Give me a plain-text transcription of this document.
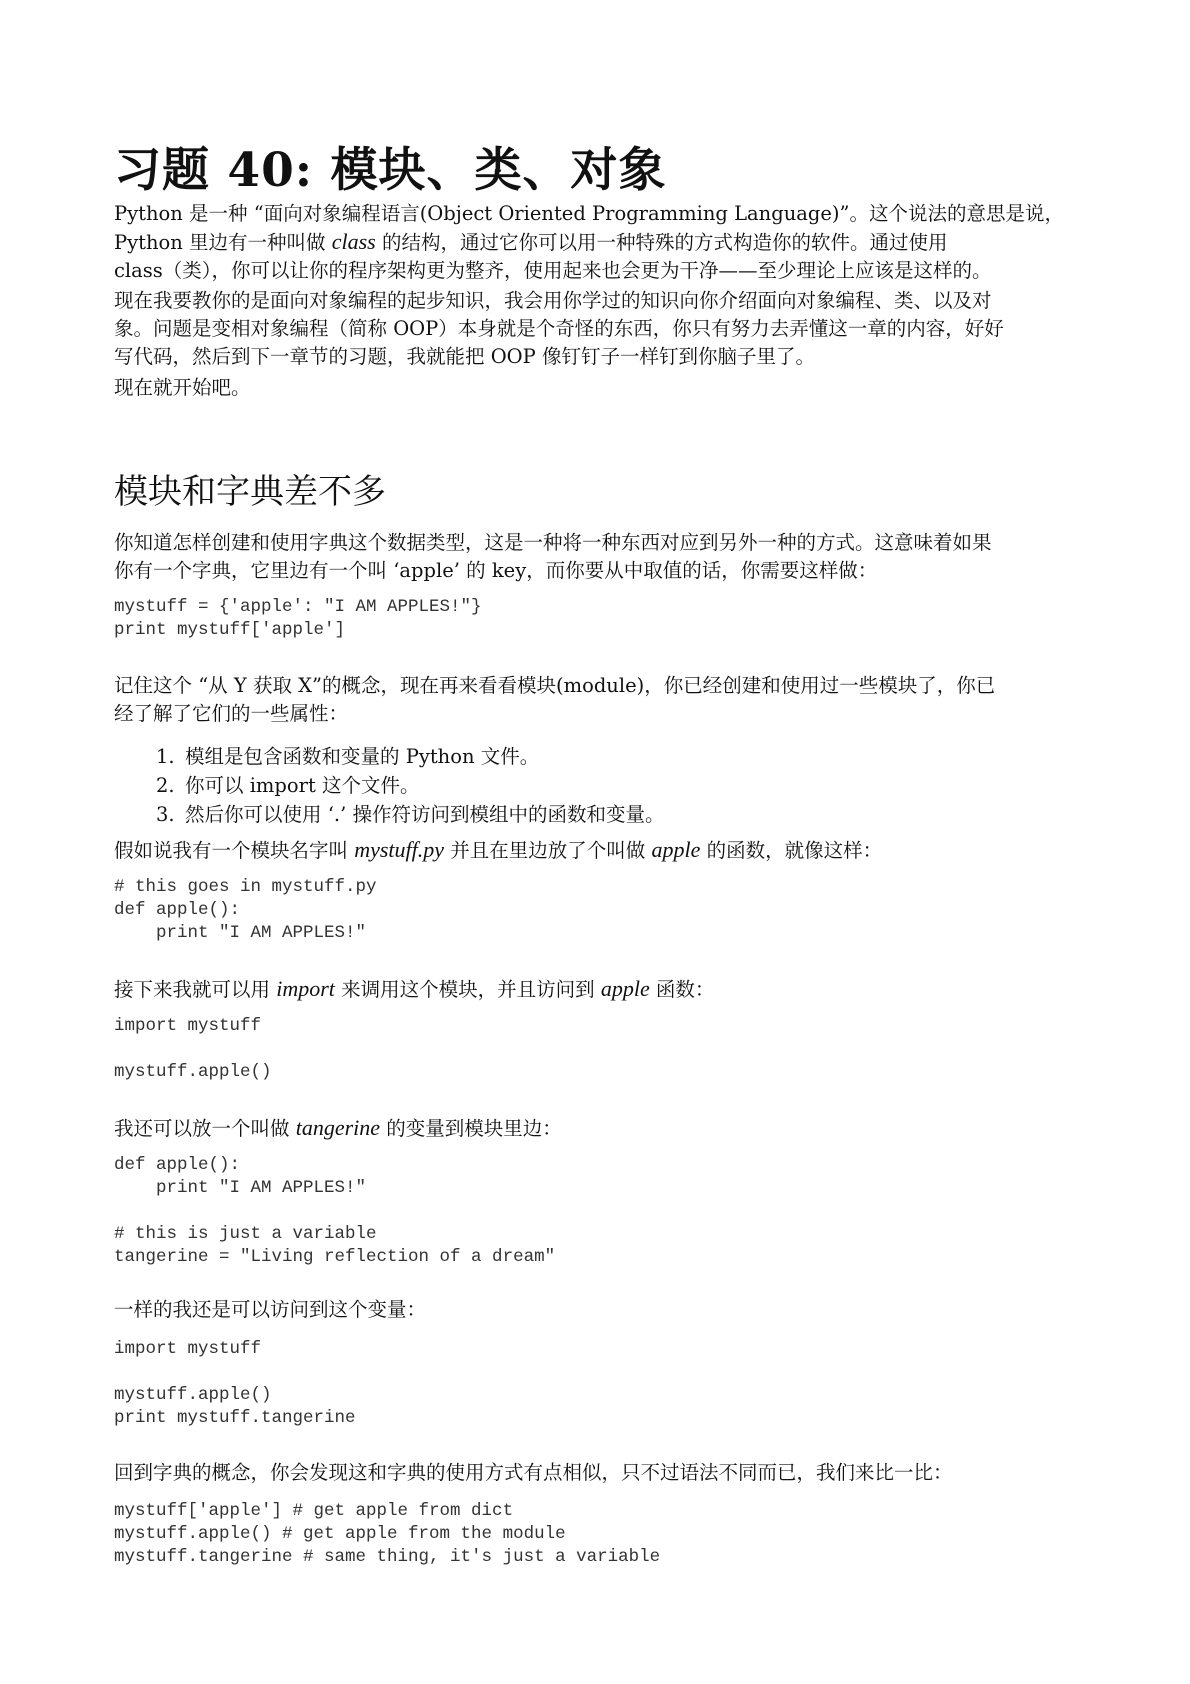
习题 40: 模块、类、对象
Python 是一种 “面向对象编程语言(Object Oriented Programming Language)”。这个说法的意思是说，
Python 里边有一种叫做 class 的结构，通过它你可以用一种特殊的方式构造你的软件。通过使用
class（类），你可以让你的程序架构更为整齐，使用起来也会更为干净——至少理论上应该是这样的。
现在我要教你的是面向对象编程的起步知识，我会用你学过的知识向你介绍面向对象编程、类、以及对
象。问题是变相对象编程（简称 OOP）本身就是个奇怪的东西，你只有努力去弄懂这一章的内容，好好
写代码，然后到下一章节的习题，我就能把 OOP 像钉钉子一样钉到你脑子里了。
现在就开始吧。
模块和字典差不多
你知道怎样创建和使用字典这个数据类型，这是一种将一种东西对应到另外一种的方式。这意味着如果
你有一个字典，它里边有一个叫 ‘apple’ 的 key，而你要从中取值的话，你需要这样做：
mystuff = {'apple': "I AM APPLES!"}
print mystuff['apple']
记住这个 “从 Y 获取 X”的概念，现在再来看看模块(module)，你已经创建和使用过一些模块了，你已
经了解了它们的一些属性：
1. 模组是包含函数和变量的 Python 文件。
2. 你可以 import 这个文件。
3. 然后你可以使用 ‘.’ 操作符访问到模组中的函数和变量。
假如说我有一个模块名字叫 mystuff.py 并且在里边放了个叫做 apple 的函数，就像这样：
# this goes in mystuff.py
def apple():
print "I AM APPLES!"
接下来我就可以用 import 来调用这个模块，并且访问到 apple 函数：
import mystuff

mystuff.apple()
我还可以放一个叫做 tangerine 的变量到模块里边：
def apple():
print "I AM APPLES!"

# this is just a variable
tangerine = "Living reflection of a dream"
一样的我还是可以访问到这个变量：
import mystuff

mystuff.apple()
print mystuff.tangerine
回到字典的概念，你会发现这和字典的使用方式有点相似，只不过语法不同而已，我们来比一比：
mystuff['apple'] # get apple from dict
mystuff.apple() # get apple from the module
mystuff.tangerine # same thing, it's just a variable
